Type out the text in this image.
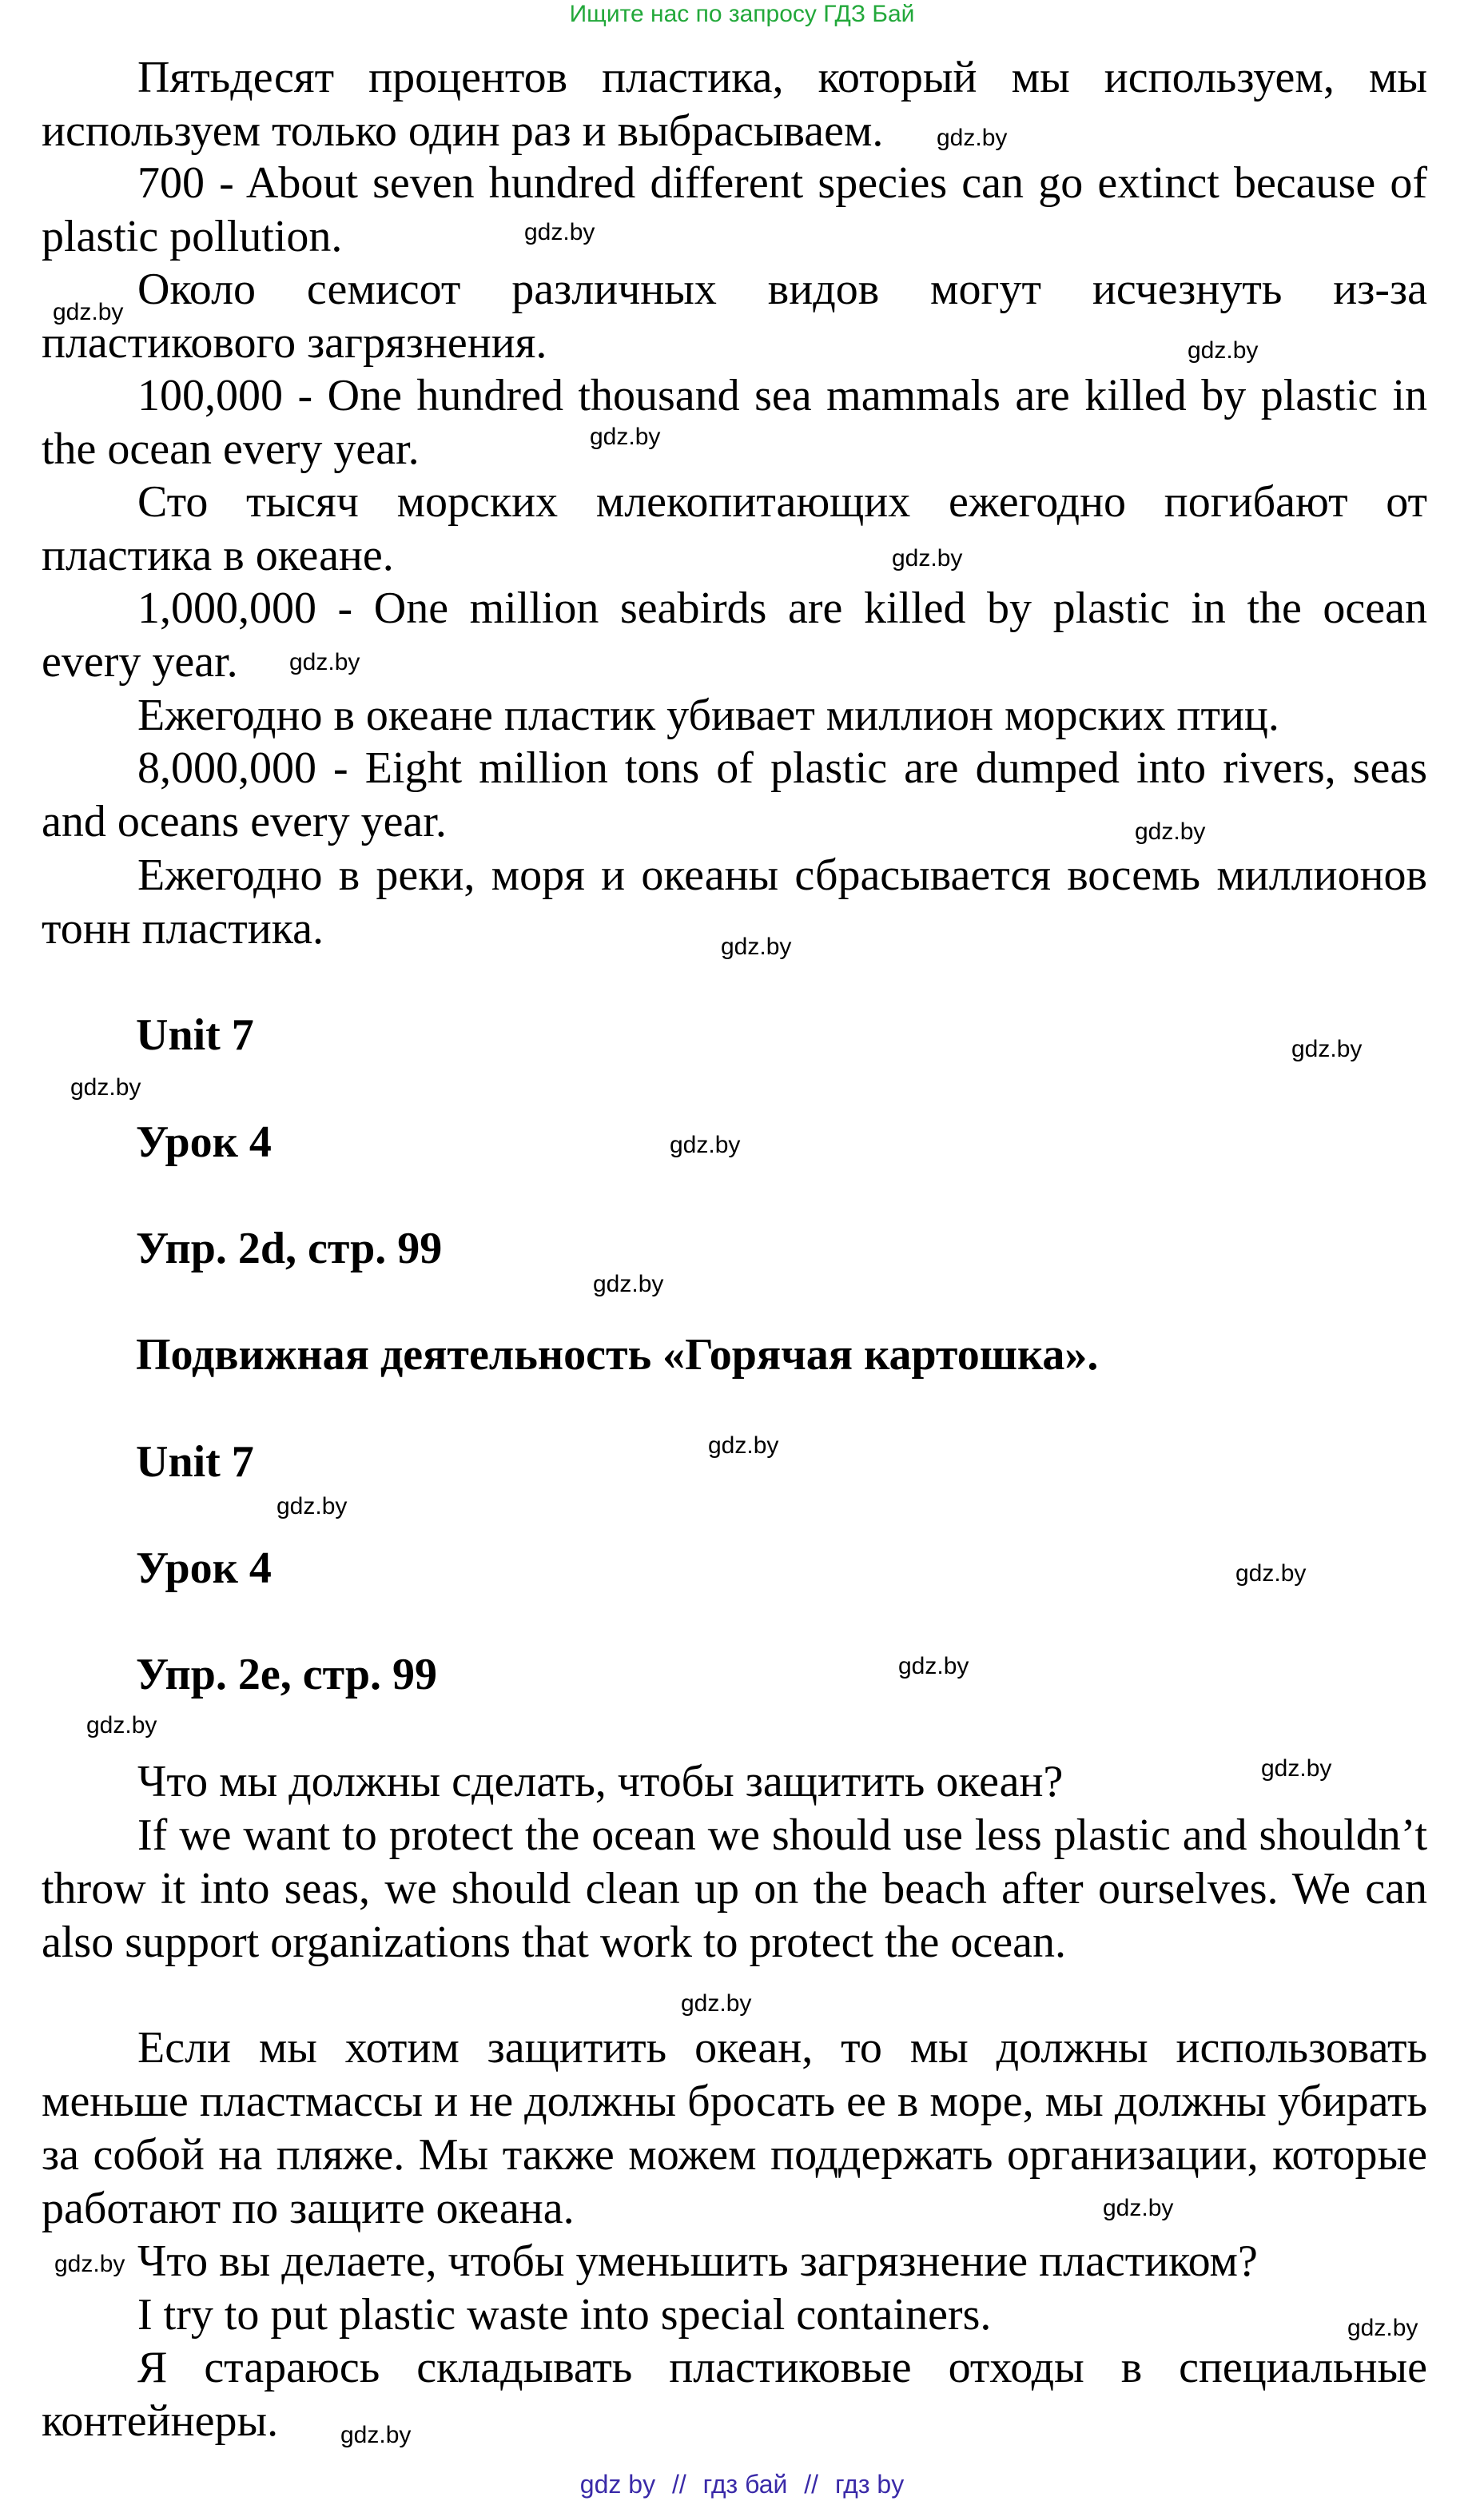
Ищите нас по запросу ГДЗ Бай

Пятьдесят процентов пластика, который мы используем, мы используем только один раз и выбрасываем.

700 - About seven hundred different species can go extinct because of plastic pollution.

Около семисот различных видов могут исчезнуть из-за пластикового загрязнения.

100,000 - One hundred thousand sea mammals are killed by plastic in the ocean every year.

Сто тысяч морских млекопитающих ежегодно погибают от пластика в океане.

1,000,000 - One million seabirds are killed by plastic in the ocean every year.

Ежегодно в океане пластик убивает миллион морских птиц.

8,000,000 - Eight million tons of plastic are dumped into rivers, seas and oceans every year.

Ежегодно в реки, моря и океаны сбрасывается восемь миллионов тонн пластика.

Unit 7

Урок 4

Упр. 2d, стр. 99

Подвижная деятельность «Горячая картошка».

Unit 7

Урок 4

Упр. 2е, стр. 99

Что мы должны сделать, чтобы защитить океан?

If we want to protect the ocean we should use less plastic and shouldn’t throw it into seas, we should clean up on the beach after ourselves. We can also support organizations that work to protect the ocean.

Если мы хотим защитить океан, то мы должны использовать меньше пластмассы и не должны бросать ее в море, мы должны убирать за собой на пляже. Мы также можем поддержать организации, которые работают по защите океана.

Что вы делаете, чтобы уменьшить загрязнение пластиком?

I try to put plastic waste into special containers.

Я стараюсь складывать пластиковые отходы в специальные контейнеры.

gdz.by
gdz.by
gdz.by
gdz.by
gdz.by
gdz.by
gdz.by
gdz.by
gdz.by
gdz.by
gdz.by
gdz.by
gdz.by
gdz.by
gdz.by
gdz.by
gdz.by
gdz.by
gdz.by
gdz.by
gdz.by
gdz.by
gdz.by
gdz.by
gdz by // гдз бай // гдз by
